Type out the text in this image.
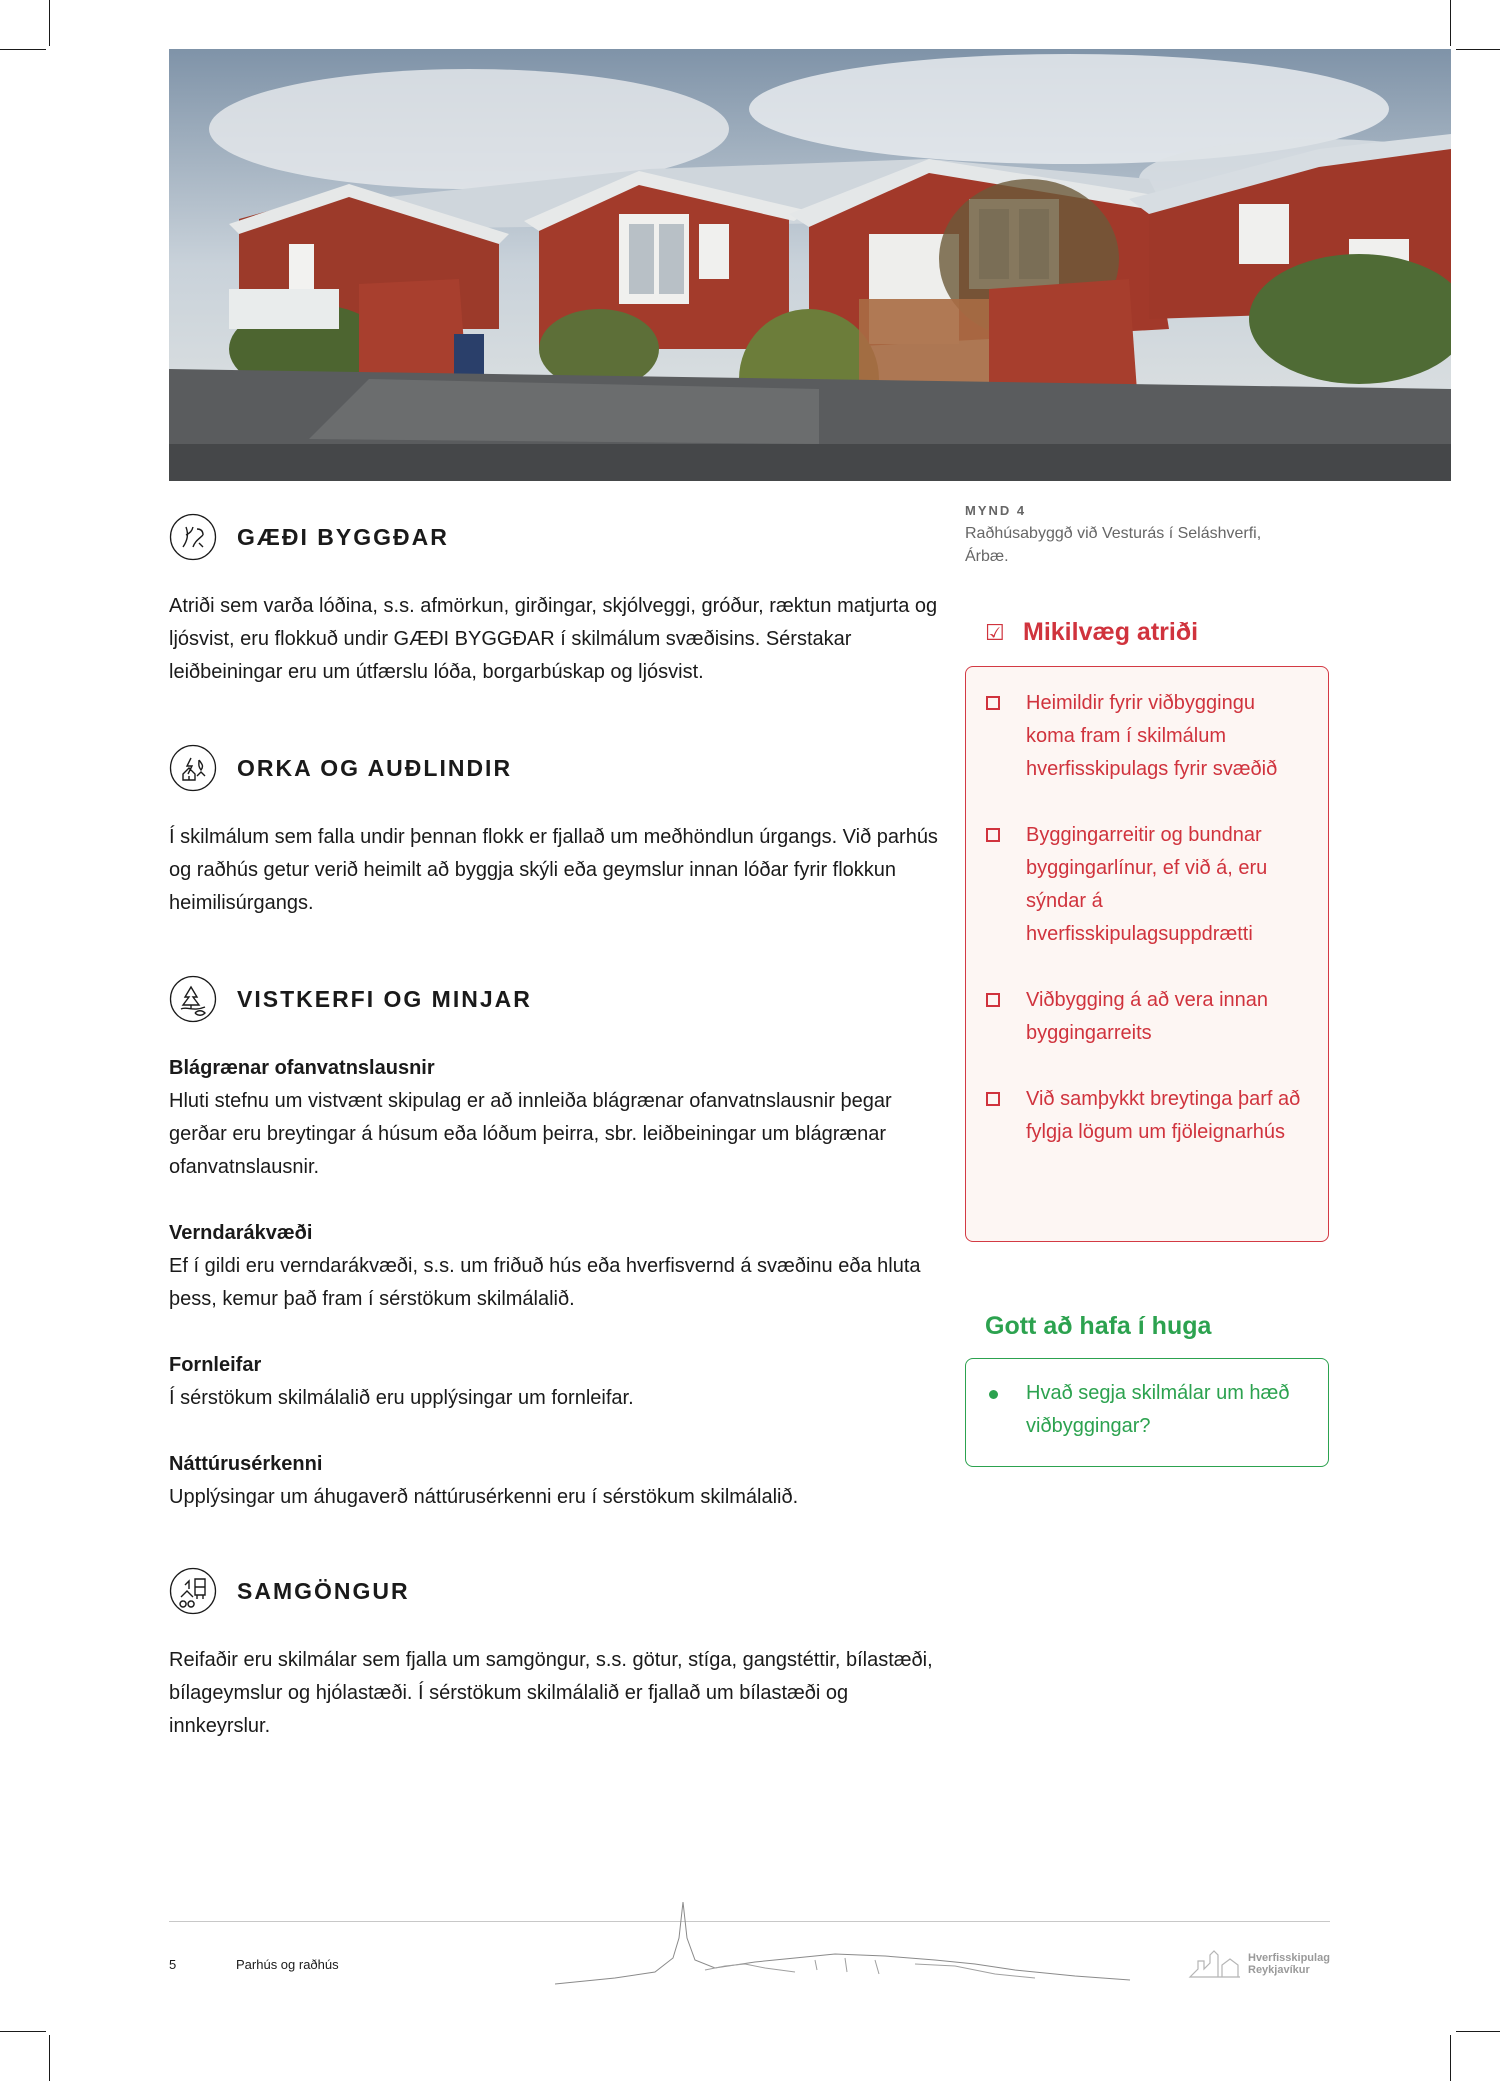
MYND 4
Raðhúsabyggð við Vesturás í Seláshverfi, Árbæ.
GÆÐI BYGGÐAR

Atriði sem varða lóðina, s.s. afmörkun, girðingar, skjólveggi, gróður, ræktun matjurta og ljósvist, eru flokkuð undir GÆÐI BYGGÐAR í skilmálum svæðisins. Sérstakar leiðbeiningar eru um útfærslu lóða, borgarbúskap og ljósvist.

ORKA OG AUÐLINDIR

Í skilmálum sem falla undir þennan flokk er fjallað um meðhöndlun úrgangs. Við parhús og raðhús getur verið heimilt að byggja skýli eða geymslur innan lóðar fyrir flokkun heimilisúrgangs.

VISTKERFI OG MINJAR

Blágrænar ofanvatnslausnir

Hluti stefnu um vistvænt skipulag er að innleiða blágrænar ofanvatnslausnir þegar gerðar eru breytingar á húsum eða lóðum þeirra, sbr. leiðbeiningar um blágrænar ofanvatnslausnir.

Verndarákvæði

Ef í gildi eru verndarákvæði, s.s. um friðuð hús eða hverfisvernd á svæðinu eða hluta þess, kemur það fram í sérstökum skilmálalið.

Fornleifar

Í sérstökum skilmálalið eru upplýsingar um fornleifar.

Náttúrusérkenni

Upplýsingar um áhugaverð náttúrusérkenni eru í sérstökum skilmálalið.

SAMGÖNGUR

Reifaðir eru skilmálar sem fjalla um samgöngur, s.s. götur, stíga, gangstéttir, bílastæði, bílageymslur og hjólastæði. Í sérstökum skilmálalið er fjallað um bílastæði og innkeyrslur.

☑ Mikilvæg atriði
Heimildir fyrir viðbyggingu koma fram í skilmálum hverfisskipulags fyrir svæðið
Byggingarreitir og bundnar byggingarlínur, ef við á, eru sýndar á hverfisskipulagsuppdrætti
Viðbygging á að vera innan byggingarreits
Við samþykkt breytinga þarf að fylgja lögum um fjöleignarhús
Gott að hafa í huga
Hvað segja skilmálar um hæð viðbyggingar?
5	Parhús og raðhús	Hverfisskipulag
Reykjavíkur
